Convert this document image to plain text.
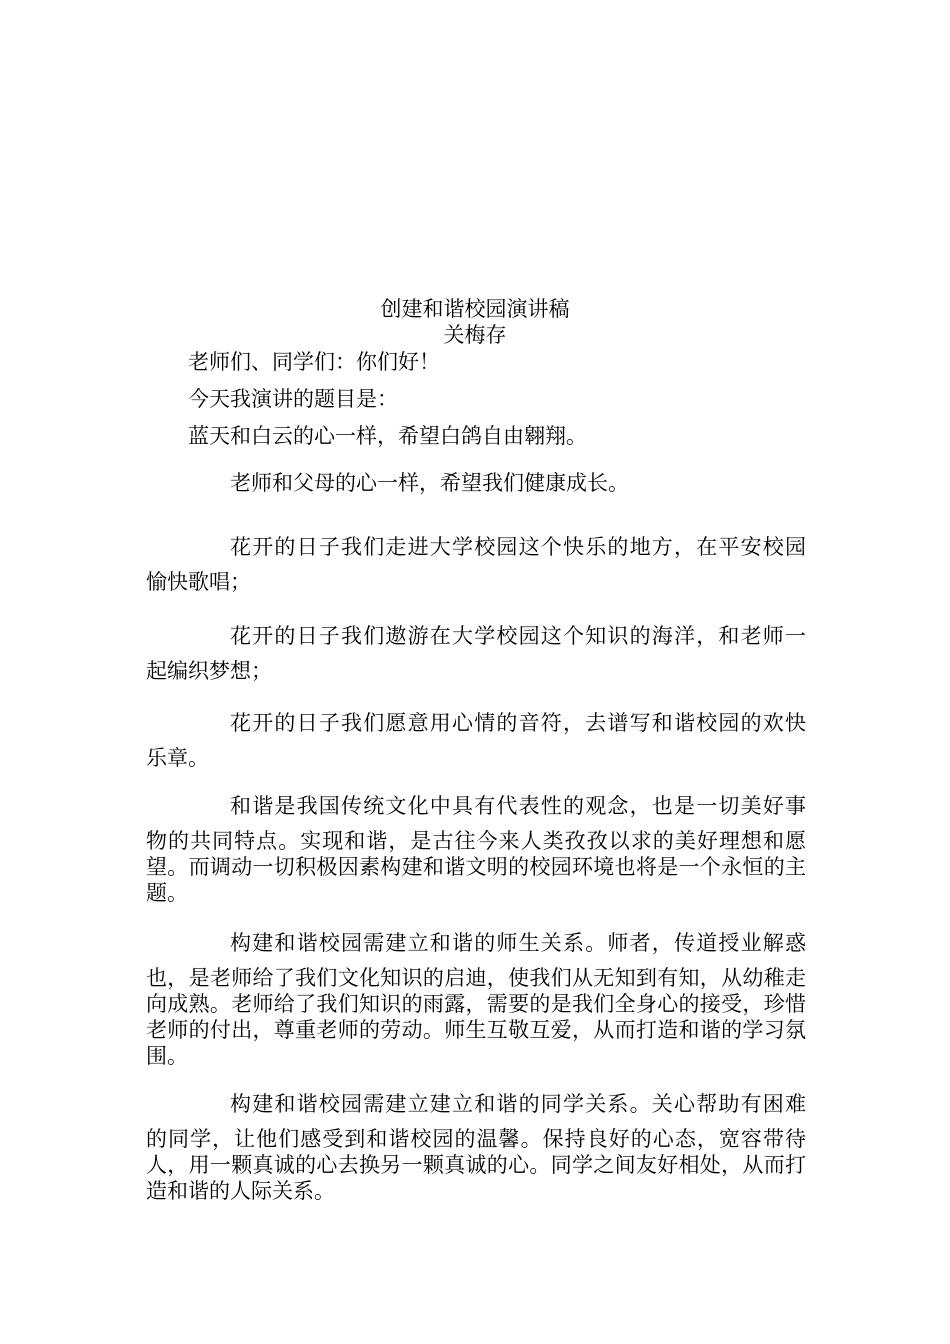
创建和谐校园演讲稿
关梅存
老师们、同学们：你们好！
今天我演讲的题目是：
蓝天和白云的心一样，希望白鸽自由翱翔。
老师和父母的心一样，希望我们健康成长。
花开的日子我们走进大学校园这个快乐的地方，在平安校园
愉快歌唱；
花开的日子我们遨游在大学校园这个知识的海洋，和老师一
起编织梦想；
花开的日子我们愿意用心情的音符，去谱写和谐校园的欢快
乐章。
和谐是我国传统文化中具有代表性的观念，也是一切美好事
物的共同特点。实现和谐，是古往今来人类孜孜以求的美好理想和愿望。而调动一切积极因素构建和谐文明的校园环境也将是一个永恒的主题。
构建和谐校园需建立和谐的师生关系。师者，传道授业解惑
也，是老师给了我们文化知识的启迪，使我们从无知到有知，从幼稚走向成熟。老师给了我们知识的雨露，需要的是我们全身心的接受，珍惜老师的付出，尊重老师的劳动。师生互敬互爱，从而打造和谐的学习氛围。
构建和谐校园需建立建立和谐的同学关系。关心帮助有困难
的同学，让他们感受到和谐校园的温馨。保持良好的心态，宽容带待人，用一颗真诚的心去换另一颗真诚的心。同学之间友好相处，从而打造和谐的人际关系。
